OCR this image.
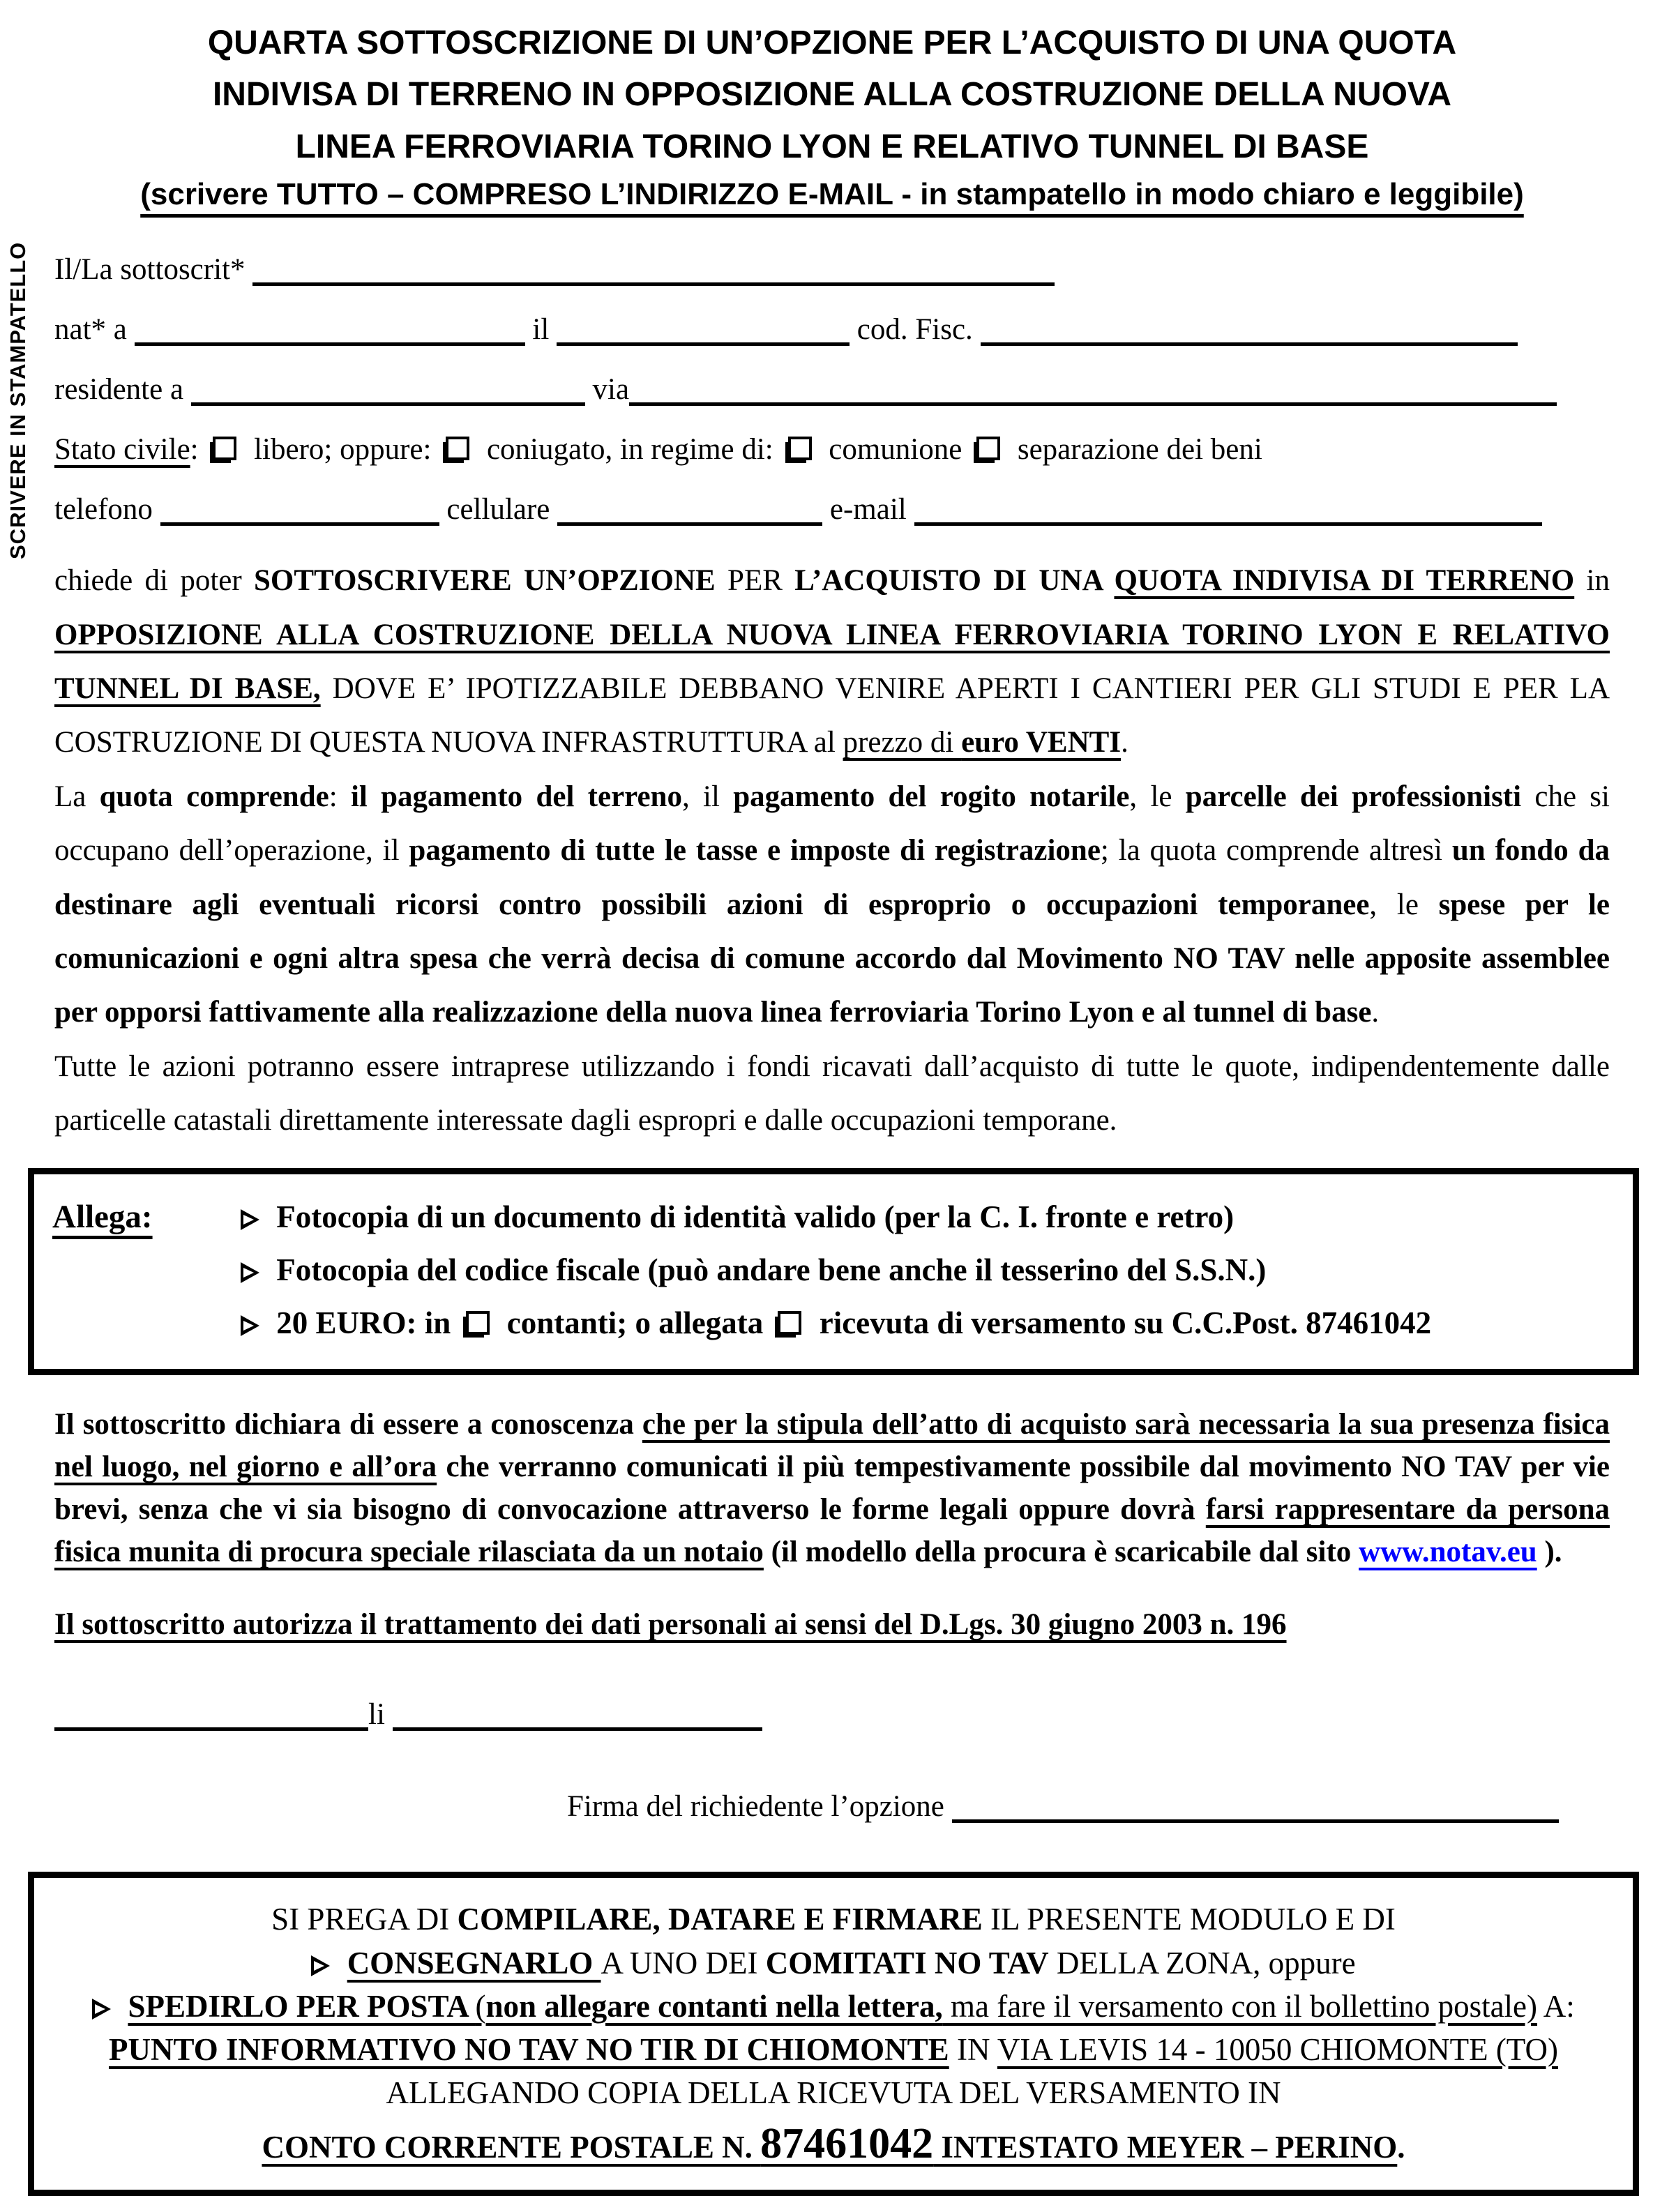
SCRIVERE IN STAMPATELLO
QUARTA SOTTOSCRIZIONE DI UN’OPZIONE PER L’ACQUISTO DI UNA QUOTA
INDIVISA DI TERRENO IN OPPOSIZIONE ALLA COSTRUZIONE DELLA NUOVA
LINEA FERROVIARIA TORINO LYON E RELATIVO TUNNEL DI BASE
(scrivere TUTTO – COMPRESO L’INDIRIZZO E-MAIL - in stampatello in modo chiaro e leggibile)
Il/La sottoscrit*
nat* a	il	cod. Fisc.
residente a	via
Stato civile:  libero; oppure:  coniugato, in regime di:  comunione  separazione dei beni
telefono	cellulare	e-mail

chiede di poter SOTTOSCRIVERE UN’OPZIONE PER L’ACQUISTO DI UNA QUOTA INDIVISA DI TERRENO in OPPOSIZIONE ALLA COSTRUZIONE DELLA NUOVA LINEA FERROVIARIA TORINO LYON E RELATIVO TUNNEL DI BASE, DOVE E’ IPOTIZZABILE DEBBANO VENIRE APERTI I CANTIERI PER GLI STUDI E PER LA COSTRUZIONE DI QUESTA NUOVA INFRASTRUTTURA al prezzo di euro VENTI.

La quota comprende: il pagamento del terreno, il pagamento del rogito notarile, le parcelle dei professionisti che si occupano dell’operazione, il pagamento di tutte le tasse e imposte di registrazione; la quota comprende altresì un fondo da destinare agli eventuali ricorsi contro possibili azioni di esproprio o occupazioni temporanee, le spese per le comunicazioni e ogni altra spesa che verrà decisa di comune accordo dal Movimento NO TAV nelle apposite assemblee per opporsi fattivamente alla realizzazione della nuova linea ferroviaria Torino Lyon e al tunnel di base.

Tutte le azioni potranno essere intraprese utilizzando i fondi ricavati dall’acquisto di tutte le quote, indipendentemente dalle particelle catastali direttamente interessate dagli espropri e dalle occupazioni temporane.

Allega:	Fotocopia di un documento di identità valido (per la C. I. fronte e retro)
Fotocopia del codice fiscale (può andare bene anche il tesserino del S.S.N.)
20 EURO: in  contanti; o allegata  ricevuta di versamento su C.C.Post. 87461042

Il sottoscritto dichiara di essere a conoscenza che per la stipula dell’atto di acquisto sarà necessaria la sua presenza fisica nel luogo, nel giorno e all’ora che verranno comunicati il più tempestivamente possibile dal movimento NO TAV per vie brevi, senza che vi sia bisogno di convocazione attraverso le forme legali oppure dovrà farsi rappresentare da persona fisica munita di procura speciale rilasciata da un notaio (il modello della procura è scaricabile dal sito www.notav.eu ).

Il sottoscritto autorizza il trattamento dei dati personali ai sensi del D.Lgs. 30 giugno 2003 n. 196

li
Firma del richiedente l’opzione
SI PREGA DI COMPILARE, DATARE E FIRMARE IL PRESENTE MODULO E DI
CONSEGNARLO A UNO DEI COMITATI NO TAV DELLA ZONA, oppure
SPEDIRLO PER POSTA (non allegare contanti nella lettera, ma fare il versamento con il bollettino postale) A: PUNTO INFORMATIVO NO TAV NO TIR DI CHIOMONTE IN VIA LEVIS 14 - 10050 CHIOMONTE (TO) ALLEGANDO COPIA DELLA RICEVUTA DEL VERSAMENTO IN
CONTO CORRENTE POSTALE N. 87461042 INTESTATO MEYER – PERINO.
